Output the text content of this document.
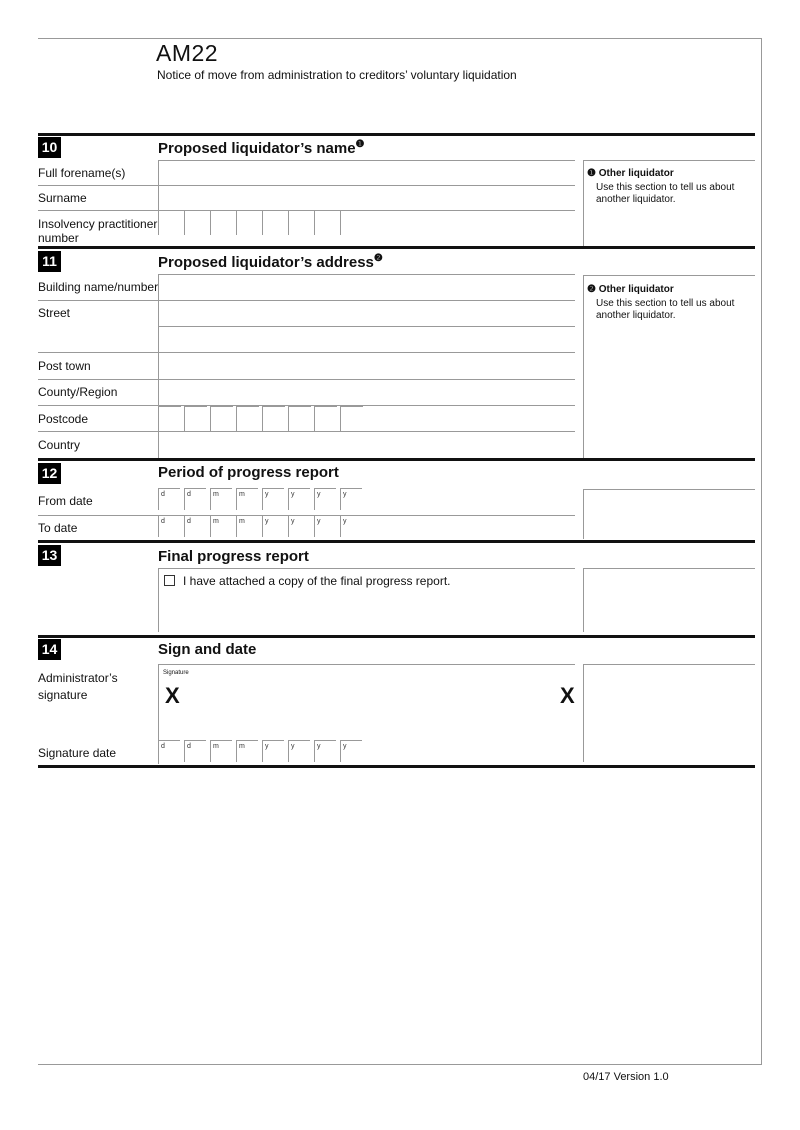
AM22
Notice of move from administration to creditors’ voluntary liquidation
10	Proposed liquidator’s name$^❶$
Full forename(s)
Surname
Insolvency practitioner number
❶ Other liquidator
Use this section to tell us about another liquidator.
11	Proposed liquidator’s address$^❷$
Building name/number
Street
Post town
County/Region
Postcode
Country
❷ Other liquidator
Use this section to tell us about another liquidator.
12	Period of progress report
From date	d	d	m	m	y	y	y	y
To date	d	d	m	m	y	y	y	y
13	Final progress report
I have attached a copy of the final progress report.
14	Sign and date
Administrator’s signature
Signature
X	X
Signature date	d	d	m	m	y	y	y	y
04/17 Version 1.0
